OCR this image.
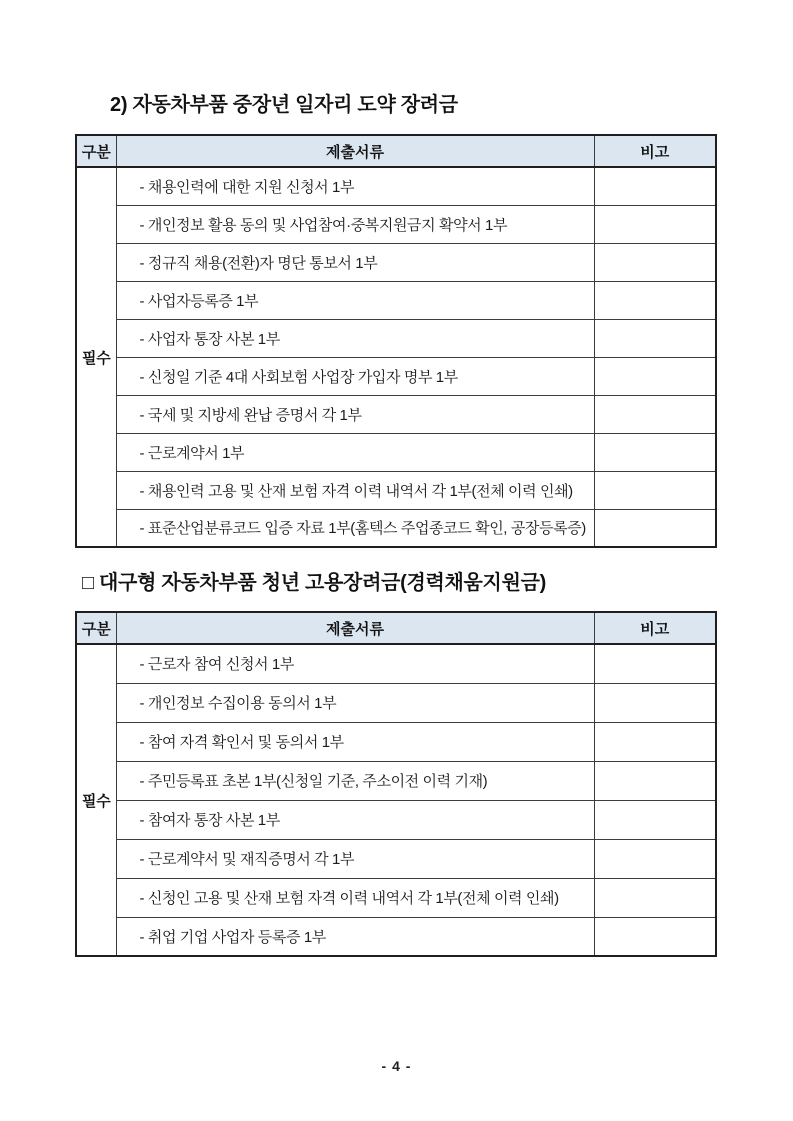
2) 자동차부품 중장년 일자리 도약 장려금
구분	제출서류	비고
필수	- 채용인력에 대한 지원 신청서 1부	
	- 개인정보 활용 동의 및 사업참여·중복지원금지 확약서 1부	
	- 정규직 채용(전환)자 명단 통보서 1부	
	- 사업자등록증 1부	
	- 사업자 통장 사본 1부	
	- 신청일 기준 4대 사회보험 사업장 가입자 명부 1부	
	- 국세 및 지방세 완납 증명서 각 1부	
	- 근로계약서 1부	
	- 채용인력 고용 및 산재 보험 자격 이력 내역서 각 1부(전체 이력 인쇄)	
	- 표준산업분류코드 입증 자료 1부(홈텍스 주업종코드 확인, 공장등록증)	
□ 대구형 자동차부품 청년 고용장려금(경력채움지원금)
구분	제출서류	비고
필수	- 근로자 참여 신청서 1부	
	- 개인정보 수집이용 동의서 1부	
	- 참여 자격 확인서 및 동의서 1부	
	- 주민등록표 초본 1부(신청일 기준, 주소이전 이력 기재)	
	- 참여자 통장 사본 1부	
	- 근로계약서 및 재직증명서 각 1부	
	- 신청인 고용 및 산재 보험 자격 이력 내역서 각 1부(전체 이력 인쇄)	
	- 취업 기업 사업자 등록증 1부	
- 4 -
